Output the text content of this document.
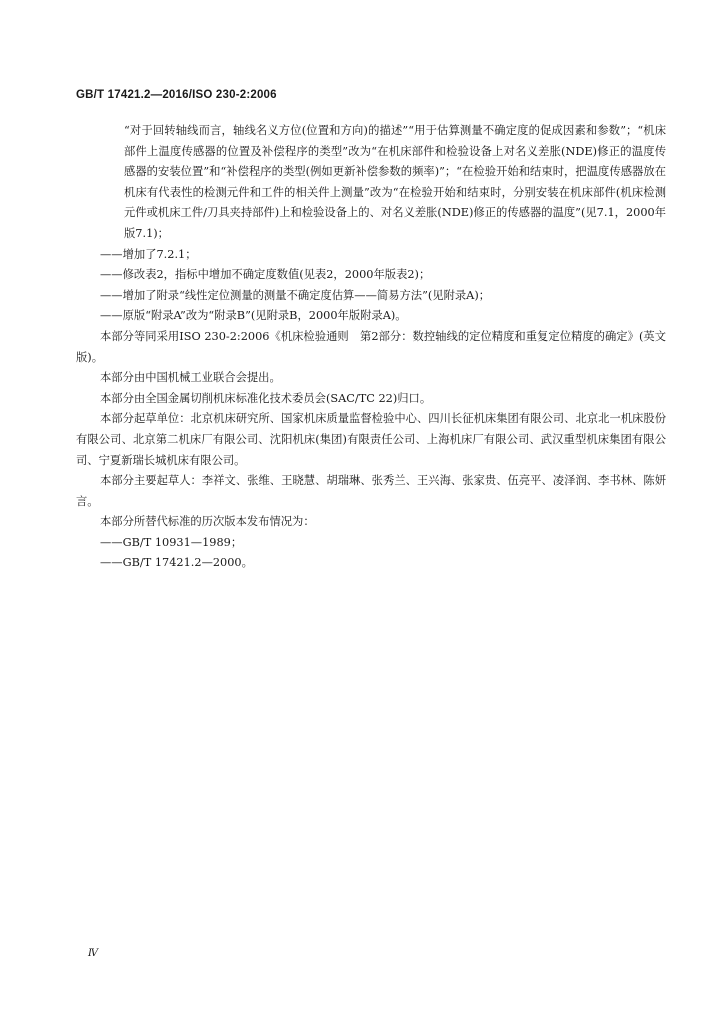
GB/T 17421.2—2016/ISO 230-2:2006

“对于回转轴线而言，轴线名义方位(位置和方向)的描述”“用于估算测量不确定度的促成因素和参数”；“机床部件上温度传感器的位置及补偿程序的类型”改为“在机床部件和检验设备上对名义差胀(NDE)修正的温度传感器的安装位置”和“补偿程序的类型(例如更新补偿参数的频率)”；“在检验开始和结束时，把温度传感器放在机床有代表性的检测元件和工件的相关件上测量”改为“在检验开始和结束时，分别安装在机床部件(机床检测元件或机床工件/刀具夹持部件)上和检验设备上的、对名义差胀(NDE)修正的传感器的温度”(见7.1，2000年版7.1)；

——增加了7.2.1；

——修改表2，指标中增加不确定度数值(见表2，2000年版表2)；

——增加了附录“线性定位测量的测量不确定度估算——简易方法”(见附录A)；

——原版“附录A”改为“附录B”(见附录B，2000年版附录A)。

本部分等同采用ISO 230-2:2006《机床检验通则　第2部分：数控轴线的定位精度和重复定位精度的确定》(英文版)。

本部分由中国机械工业联合会提出。

本部分由全国金属切削机床标准化技术委员会(SAC/TC 22)归口。

本部分起草单位：北京机床研究所、国家机床质量监督检验中心、四川长征机床集团有限公司、北京北一机床股份有限公司、北京第二机床厂有限公司、沈阳机床(集团)有限责任公司、上海机床厂有限公司、武汉重型机床集团有限公司、宁夏新瑞长城机床有限公司。

本部分主要起草人：李祥文、张维、王晓慧、胡瑞琳、张秀兰、王兴海、张家贵、伍亮平、凌泽润、李书林、陈妍言。

本部分所替代标准的历次版本发布情况为：

——GB/T 10931—1989；

——GB/T 17421.2—2000。

Ⅳ
